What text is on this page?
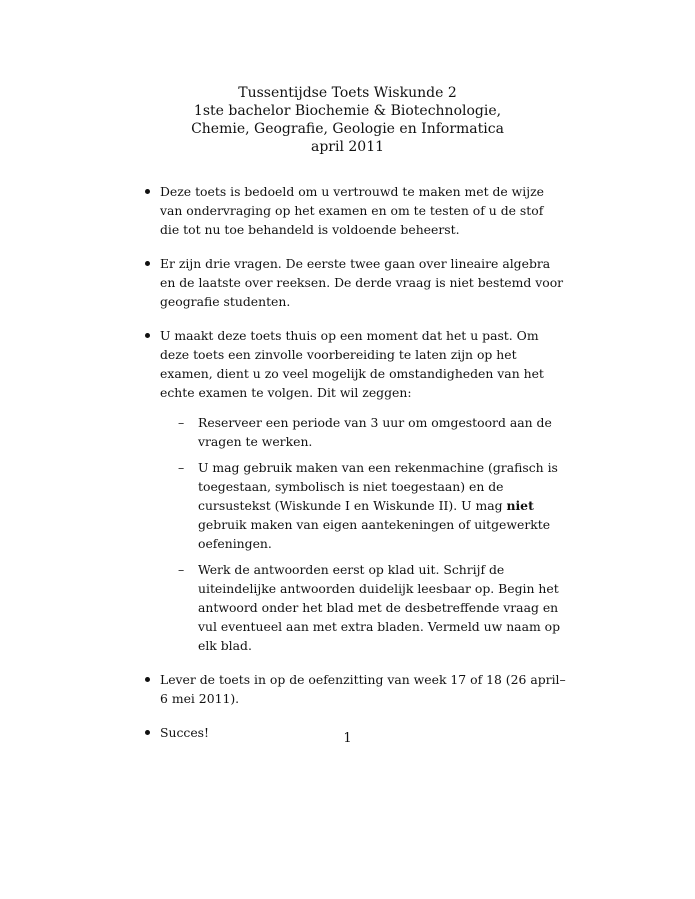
Tussentijdse Toets Wiskunde 2
1ste bachelor Biochemie & Biotechnologie,
Chemie, Geografie, Geologie en Informatica
april 2011
Deze toets is bedoeld om u vertrouwd te maken met de wijze van ondervraging op het examen en om te testen of u de stof die tot nu toe behandeld is voldoende beheerst.
Er zijn drie vragen. De eerste twee gaan over lineaire algebra en de laatste over reeksen. De derde vraag is niet bestemd voor geografie studenten.
U maakt deze toets thuis op een moment dat het u past. Om deze toets een zinvolle voorbereiding te laten zijn op het examen, dient u zo veel mogelijk de omstandigheden van het echte examen te volgen. Dit wil zeggen:
– Reserveer een periode van 3 uur om omgestoord aan de vragen te werken.
– U mag gebruik maken van een rekenmachine (grafisch is toegestaan, symbolisch is niet toegestaan) en de cursustekst (Wiskunde I en Wiskunde II). U mag niet gebruik maken van eigen aantekeningen of uitgewerkte oefeningen.
– Werk de antwoorden eerst op klad uit. Schrijf de uiteindelijke antwoorden duidelijk leesbaar op. Begin het antwoord onder het blad met de desbetreffende vraag en vul eventueel aan met extra bladen. Vermeld uw naam op elk blad.
Lever de toets in op de oefenzitting van week 17 of 18 (26 april–6 mei 2011).
Succes!	1
